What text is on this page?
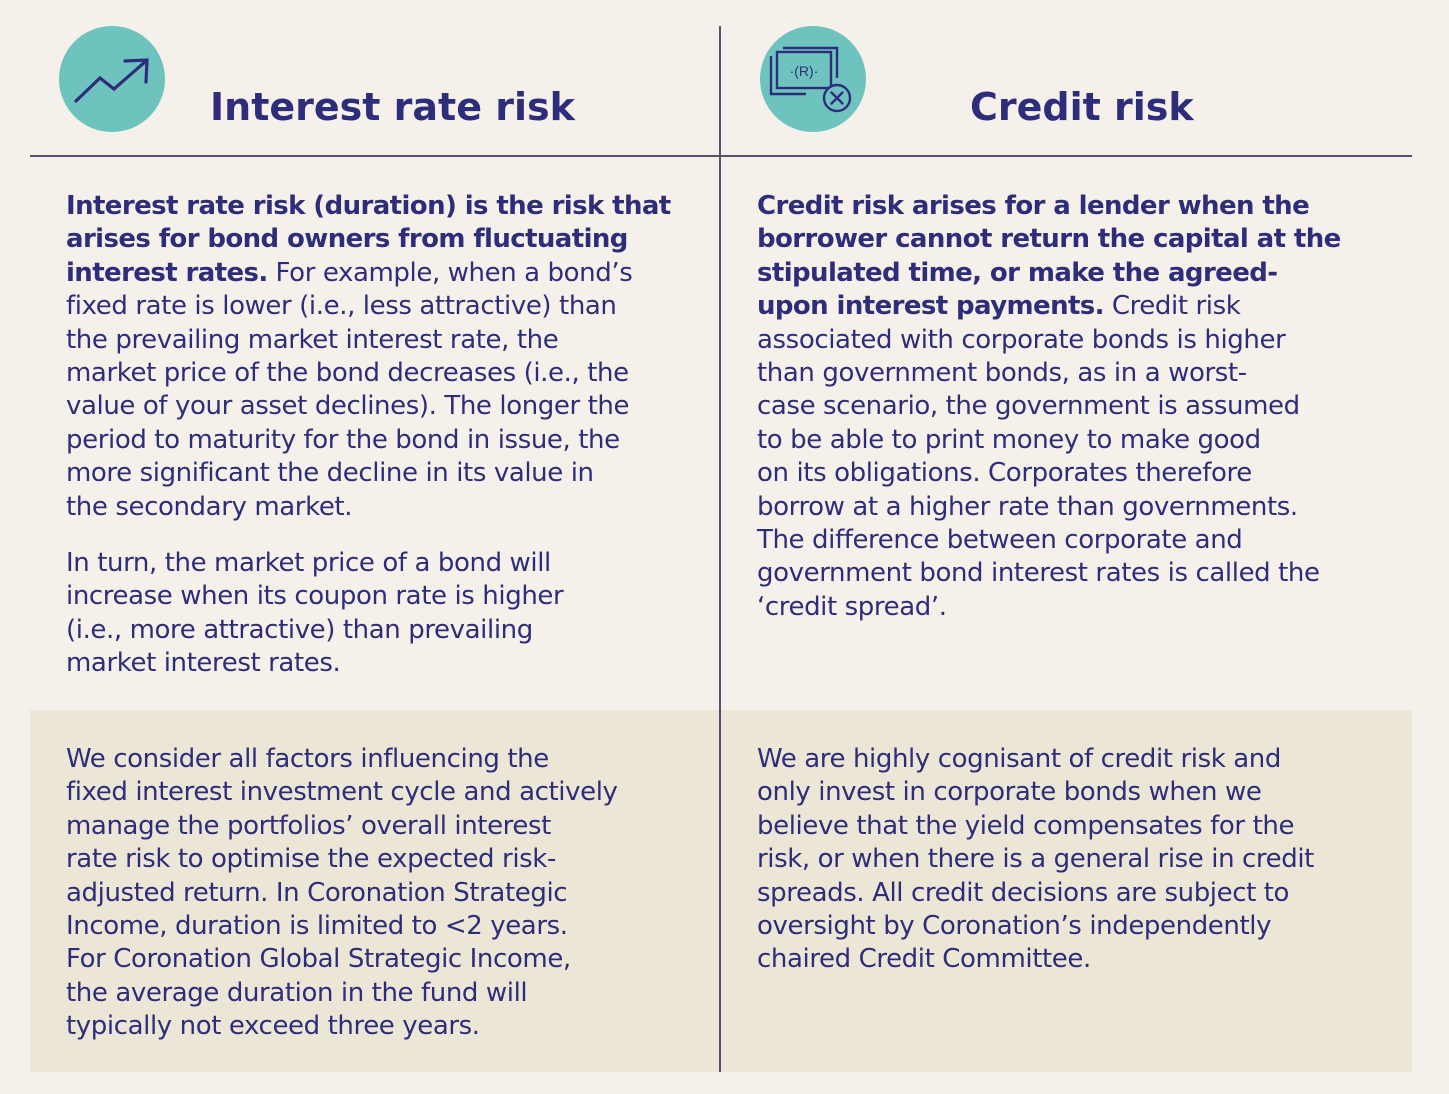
Interest rate risk
·(R)·
Credit risk
Interest rate risk (duration) is the risk that
arises for bond owners from fluctuating
interest rates. For example, when a bond’s
fixed rate is lower (i.e., less attractive) than
the prevailing market interest rate, the
market price of the bond decreases (i.e., the
value of your asset declines). The longer the
period to maturity for the bond in issue, the
more significant the decline in its value in
the secondary market.
In turn, the market price of a bond will
increase when its coupon rate is higher
(i.e., more attractive) than prevailing
market interest rates.
We consider all factors influencing the
fixed interest investment cycle and actively
manage the portfolios’ overall interest
rate risk to optimise the expected risk-
adjusted return. In Coronation Strategic
Income, duration is limited to <2 years.
For Coronation Global Strategic Income,
the average duration in the fund will
typically not exceed three years.
Credit risk arises for a lender when the
borrower cannot return the capital at the
stipulated time, or make the agreed-
upon interest payments. Credit risk
associated with corporate bonds is higher
than government bonds, as in a worst-
case scenario, the government is assumed
to be able to print money to make good
on its obligations. Corporates therefore
borrow at a higher rate than governments.
The difference between corporate and
government bond interest rates is called the
‘credit spread’.
We are highly cognisant of credit risk and
only invest in corporate bonds when we
believe that the yield compensates for the
risk, or when there is a general rise in credit
spreads. All credit decisions are subject to
oversight by Coronation’s independently
chaired Credit Committee.
